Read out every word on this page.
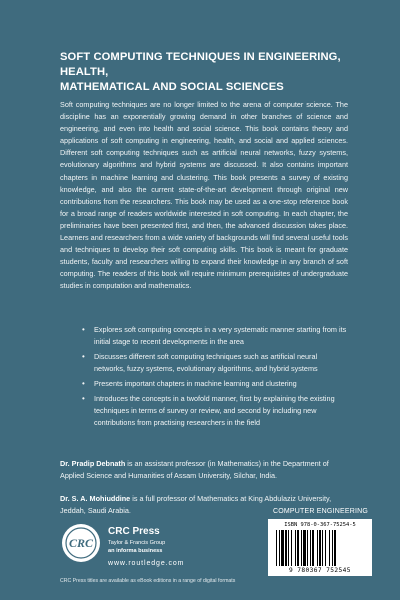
SOFT COMPUTING TECHNIQUES IN ENGINEERING, HEALTH,
MATHEMATICAL AND SOCIAL SCIENCES

Soft computing techniques are no longer limited to the arena of computer science. The discipline has an exponentially growing demand in other branches of science and engineering, and even into health and social science. This book contains theory and applications of soft computing in engineering, health, and social and applied sciences. Different soft computing techniques such as artificial neural networks, fuzzy systems, evolutionary algorithms and hybrid systems are discussed. It also contains important chapters in machine learning and clustering. This book presents a survey of existing knowledge, and also the current state-of-the-art development through original new contributions from the researchers. This book may be used as a one-stop reference book for a broad range of readers worldwide interested in soft computing. In each chapter, the preliminaries have been presented first, and then, the advanced discussion takes place. Learners and researchers from a wide variety of backgrounds will find several useful tools and techniques to develop their soft computing skills. This book is meant for graduate students, faculty and researchers willing to expand their knowledge in any branch of soft computing. The readers of this book will require minimum prerequisites of undergraduate studies in computation and mathematics.

• Explores soft computing concepts in a very systematic manner starting from its initial stage to recent developments in the area
• Discusses different soft computing techniques such as artificial neural networks, fuzzy systems, evolutionary algorithms, and hybrid systems
• Presents important chapters in machine learning and clustering
• Introduces the concepts in a twofold manner, first by explaining the existing techniques in terms of survey or review, and second by including new contributions from practising researchers in the field
Dr. Pradip Debnath is an assistant professor (in Mathematics) in the Department of Applied Science and Humanities of Assam University, Silchar, India.
Dr. S. A. Mohiuddine is a full professor of Mathematics at King Abdulaziz University, Jeddah, Saudi Arabia.	COMPUTER ENGINEERING
CRC
CRC Press
Taylor & Francis Group
an informa business
www.routledge.com
ISBN 978-0-367-75254-5
9 780367 752545
CRC Press titles are available as eBook editions in a range of digital formats
